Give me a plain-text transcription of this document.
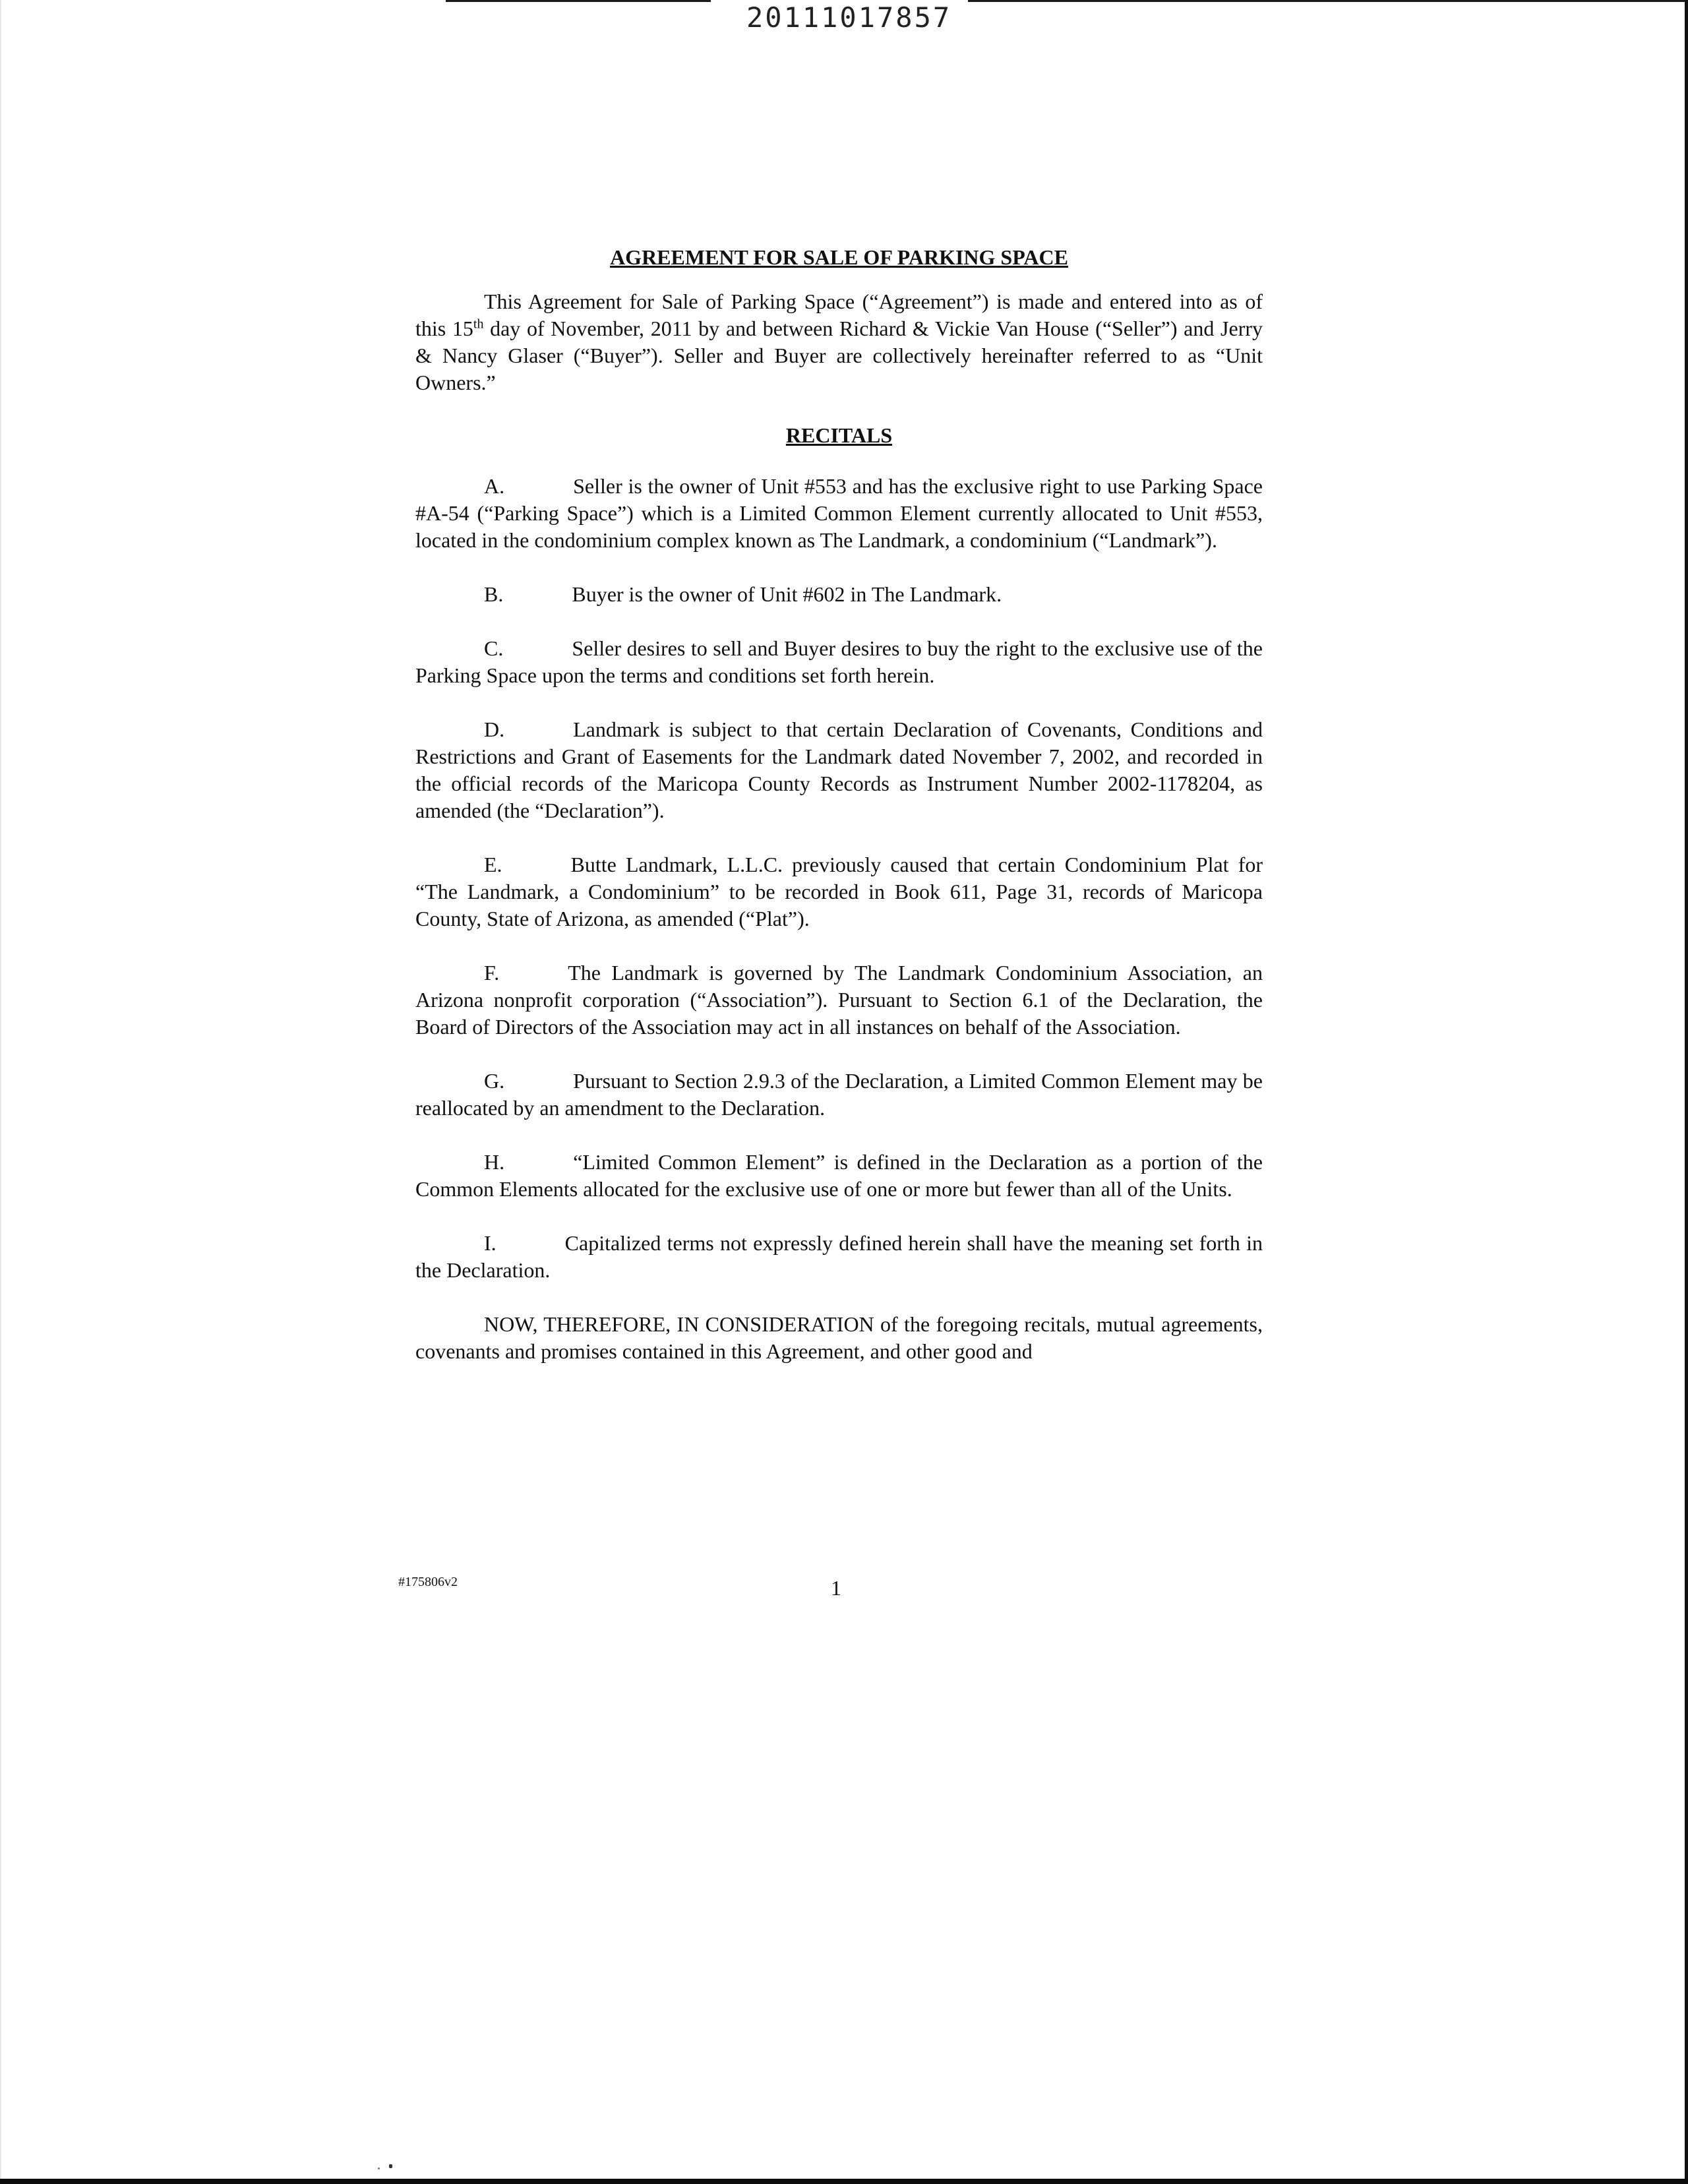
20111017857
AGREEMENT FOR SALE OF PARKING SPACE

This Agreement for Sale of Parking Space (“Agreement”) is made and entered into as of this 15th day of November, 2011 by and between Richard & Vickie Van House (“Seller”) and Jerry & Nancy Glaser (“Buyer”). Seller and Buyer are collectively hereinafter referred to as “Unit Owners.”

RECITALS

A.	Seller is the owner of Unit #553 and has the exclusive right to use Parking Space #A-54 (“Parking Space”) which is a Limited Common Element currently allocated to Unit #553, located in the condominium complex known as The Landmark, a condominium (“Landmark”).

B.	Buyer is the owner of Unit #602 in The Landmark.

C.	Seller desires to sell and Buyer desires to buy the right to the exclusive use of the Parking Space upon the terms and conditions set forth herein.

D.	Landmark is subject to that certain Declaration of Covenants, Conditions and Restrictions and Grant of Easements for the Landmark dated November 7, 2002, and recorded in the official records of the Maricopa County Records as Instrument Number 2002-1178204, as amended (the “Declaration”).

E.	Butte Landmark, L.L.C. previously caused that certain Condominium Plat for “The Landmark, a Condominium” to be recorded in Book 611, Page 31, records of Maricopa County, State of Arizona, as amended (“Plat”).

F.	The Landmark is governed by The Landmark Condominium Association, an Arizona nonprofit corporation (“Association”). Pursuant to Section 6.1 of the Declaration, the Board of Directors of the Association may act in all instances on behalf of the Association.

G.	Pursuant to Section 2.9.3 of the Declaration, a Limited Common Element may be reallocated by an amendment to the Declaration.

H.	“Limited Common Element” is defined in the Declaration as a portion of the Common Elements allocated for the exclusive use of one or more but fewer than all of the Units.

I.	Capitalized terms not expressly defined herein shall have the meaning set forth in the Declaration.

NOW, THEREFORE, IN CONSIDERATION of the foregoing recitals, mutual agreements, covenants and promises contained in this Agreement, and other good and

#175806v2	1
